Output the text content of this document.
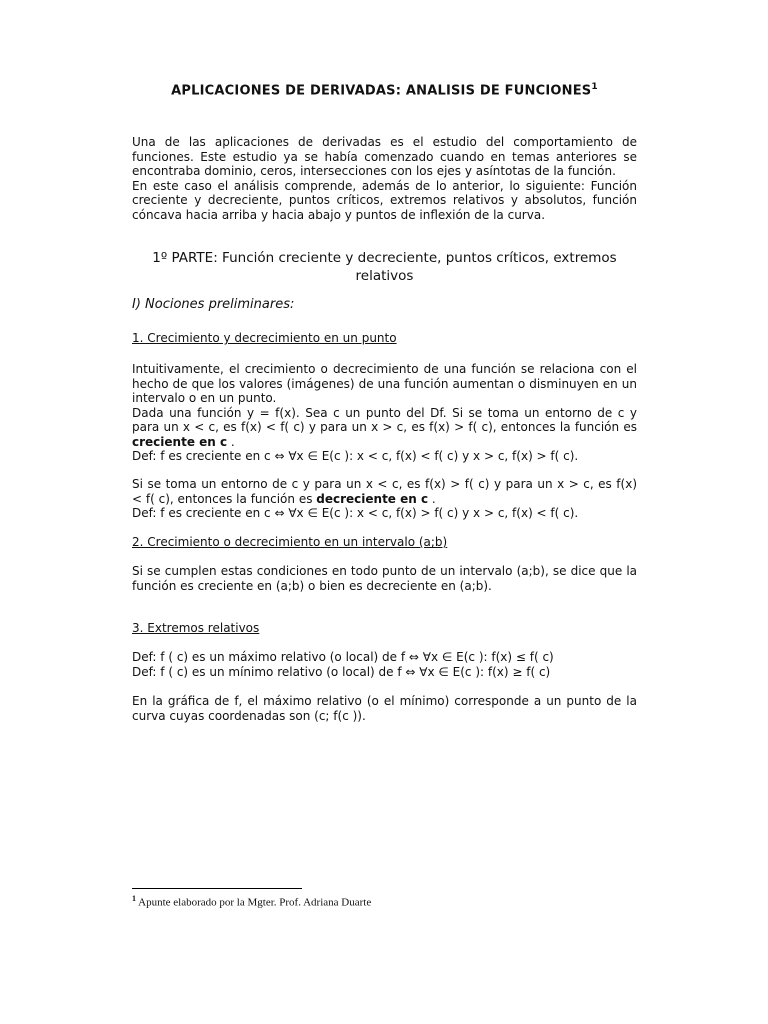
APLICACIONES DE DERIVADAS: ANALISIS DE FUNCIONES$^1$
Una de las aplicaciones de derivadas es el estudio del comportamiento de
funciones. Este estudio ya se había comenzado cuando en temas anteriores se
encontraba dominio, ceros, intersecciones con los ejes y asíntotas de la función.
En este caso el análisis comprende, además de lo anterior, lo siguiente: Función
creciente y decreciente, puntos críticos, extremos relativos y absolutos, función
cóncava hacia arriba y hacia abajo y puntos de inflexión de la curva.
1º PARTE: Función creciente y decreciente, puntos críticos, extremos
relativos
I) Nociones preliminares:
1. Crecimiento y decrecimiento en un punto
Intuitivamente, el crecimiento o decrecimiento de una función se relaciona con el
hecho de que los valores (imágenes) de una función aumentan o disminuyen en un
intervalo o en un punto.
Dada una función y = f(x). Sea c un punto del Df. Si se toma un entorno de c y
para un x < c, es f(x) < f( c) y para un x > c, es f(x) > f( c), entonces la función es
creciente en c .
Def: f es creciente en c ⇔ ∀x ∈ E(c ): x < c, f(x) < f( c) y x > c, f(x) > f( c).
Si se toma un entorno de c y para un x < c, es f(x) > f( c) y para un x > c, es f(x)
< f( c), entonces la función es decreciente en c .
Def: f es creciente en c ⇔ ∀x ∈ E(c ): x < c, f(x) > f( c) y x > c, f(x) < f( c).
2. Crecimiento o decrecimiento en un intervalo (a;b)
Si se cumplen estas condiciones en todo punto de un intervalo (a;b), se dice que la
función es creciente en (a;b) o bien es decreciente en (a;b).
3. Extremos relativos
Def: f ( c) es un máximo relativo (o local) de f ⇔ ∀x ∈ E(c ): f(x) ≤ f( c)
Def: f ( c) es un mínimo relativo (o local) de f ⇔ ∀x ∈ E(c ): f(x) ≥ f( c)
En la gráfica de f, el máximo relativo (o el mínimo) corresponde a un punto de la
curva cuyas coordenadas son (c; f(c )).
$^1$ Apunte elaborado por la Mgter. Prof. Adriana Duarte
